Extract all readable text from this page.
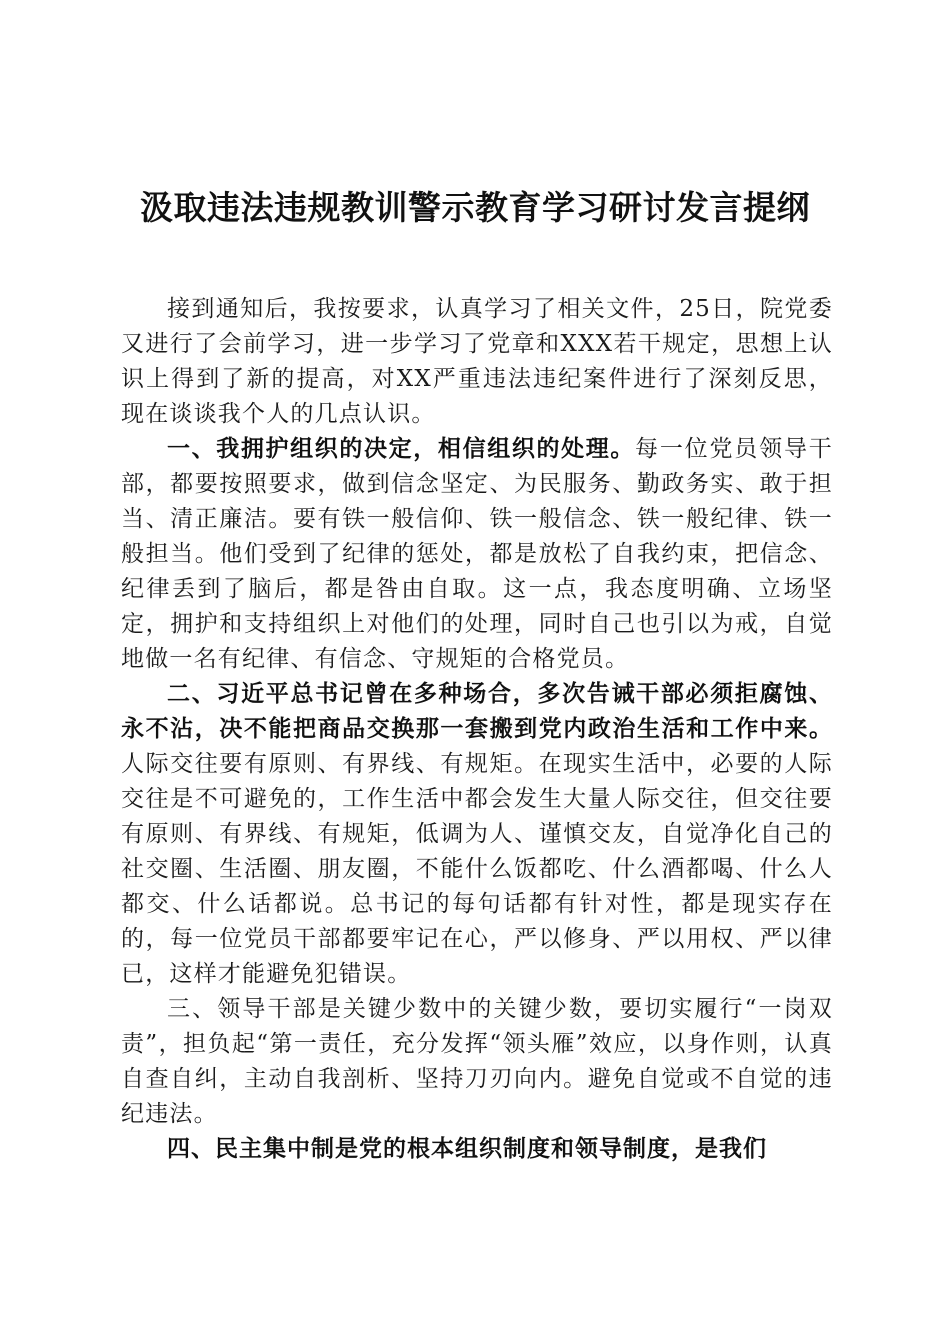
汲取违法违规教训警示教育学习研讨发言提纲

接到通知后，我按要求，认真学习了相关文件，25日，院党委又进行了会前学习，进一步学习了党章和XXX若干规定，思想上认识上得到了新的提高，对XX严重违法违纪案件进行了深刻反思，现在谈谈我个人的几点认识。

一、我拥护组织的决定，相信组织的处理。每一位党员领导干部，都要按照要求，做到信念坚定、为民服务、勤政务实、敢于担当、清正廉洁。要有铁一般信仰、铁一般信念、铁一般纪律、铁一般担当。他们受到了纪律的惩处，都是放松了自我约束，把信念、纪律丢到了脑后，都是咎由自取。这一点，我态度明确、立场坚定，拥护和支持组织上对他们的处理，同时自己也引以为戒，自觉地做一名有纪律、有信念、守规矩的合格党员。

二、习近平总书记曾在多种场合，多次告诫干部必须拒腐蚀、永不沾，决不能把商品交换那一套搬到党内政治生活和工作中来。人际交往要有原则、有界线、有规矩。在现实生活中，必要的人际交往是不可避免的，工作生活中都会发生大量人际交往，但交往要有原则、有界线、有规矩，低调为人、谨慎交友，自觉净化自己的社交圈、生活圈、朋友圈，不能什么饭都吃、什么酒都喝、什么人都交、什么话都说。总书记的每句话都有针对性，都是现实存在的，每一位党员干部都要牢记在心，严以修身、严以用权、严以律已，这样才能避免犯错误。

三、领导干部是关键少数中的关键少数，要切实履行“一岗双责”，担负起“第一责任，充分发挥“领头雁”效应，以身作则，认真自查自纠，主动自我剖析、坚持刀刃向内。避免自觉或不自觉的违纪违法。

四、民主集中制是党的根本组织制度和领导制度，是我们
